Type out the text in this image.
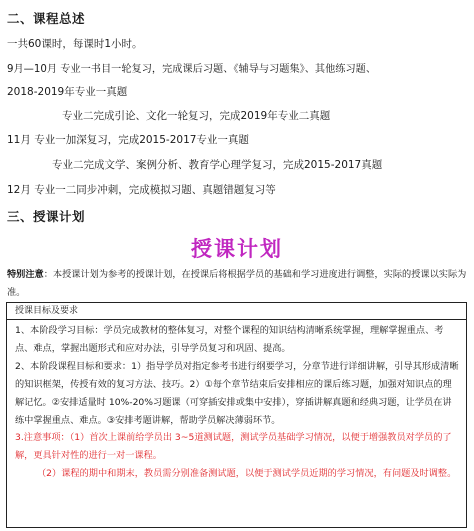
二、课程总述
一共60课时，每课时1小时。
9月—10月 专业一书目一轮复习，完成课后习题、《辅导与习题集》、其他练习题、
2018-2019年专业一真题
专业二完成引论、文化一轮复习，完成2019年专业二真题
11月 专业一加深复习，完成2015-2017专业一真题
专业二完成文学、案例分析、教育学心理学复习，完成2015-2017真题
12月 专业一二同步冲刺，完成模拟习题、真题错题复习等
三、授课计划
授课计划
特别注意：本授课计划为参考的授课计划，在授课后将根据学员的基础和学习进度进行调整，实际的授课以实际为准。
授课目标及要求

1、本阶段学习目标：学员完成教材的整体复习，对整个课程的知识结构清晰系统掌握，理解掌握重点、考点、难点，掌握出题形式和应对办法，引导学员复习和巩固、提高。

2、本阶段课程目标和要求：1）指导学员对指定参考书进行纲要学习，分章节进行详细讲解，引导其形成清晰的知识框架，传授有效的复习方法、技巧。2）①每个章节结束后安排相应的课后练习题，加强对知识点的理解记忆。②安排适量时 10%-20%习题课（可穿插安排或集中安排），穿插讲解真题和经典习题，让学员在讲练中掌握重点、难点。③安排考题讲解，帮助学员解决薄弱环节。

3.注意事项：（1）首次上课前给学员出 3~5道测试题，测试学员基础学习情况，以便于增强教员对学员的了解，更具针对性的进行一对一课程。

（2）课程的期中和期末，教员需分别准备测试题，以便于测试学员近期的学习情况，有问题及时调整。
